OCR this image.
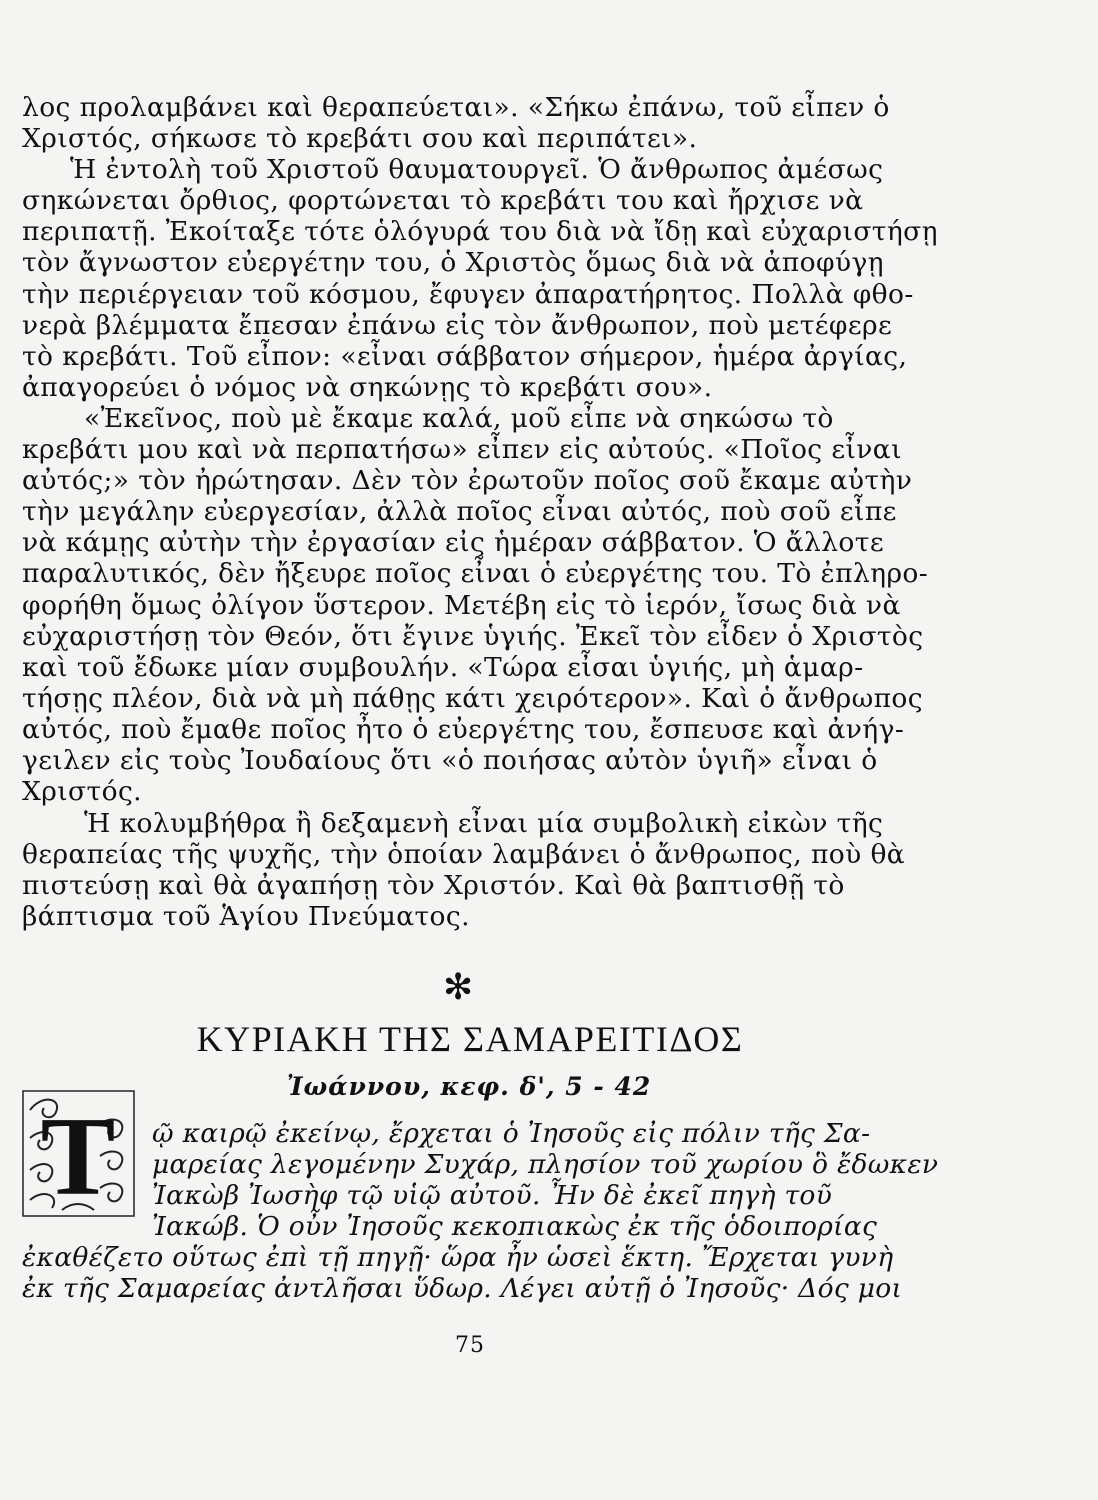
λος προλαμβάνει καὶ θεραπεύεται». «Σήκω ἐπάνω, τοῦ εἶπεν ὁ
Χριστός, σήκωσε τὸ κρεβάτι σου καὶ περιπάτει».
Ἡ ἐντολὴ τοῦ Χριστοῦ θαυματουργεῖ. Ὁ ἄνθρωπος ἀμέσως
σηκώνεται ὄρθιος, φορτώνεται τὸ κρεβάτι του καὶ ἤρχισε νὰ
περιπατῇ. Ἐκοίταξε τότε ὁλόγυρά του διὰ νὰ ἴδῃ καὶ εὐχαριστήσῃ
τὸν ἄγνωστον εὐεργέτην του, ὁ Χριστὸς ὅμως διὰ νὰ ἀποφύγῃ
τὴν περιέργειαν τοῦ κόσμου, ἔφυγεν ἀπαρατήρητος. Πολλὰ φθο-
νερὰ βλέμματα ἔπεσαν ἐπάνω εἰς τὸν ἄνθρωπον, ποὺ μετέφερε
τὸ κρεβάτι. Τοῦ εἶπον: «εἶναι σάββατον σήμερον, ἡμέρα ἀργίας,
ἀπαγορεύει ὁ νόμος νὰ σηκώνῃς τὸ κρεβάτι σου».

«Ἐκεῖνος, ποὺ μὲ ἔκαμε καλά, μοῦ εἶπε νὰ σηκώσω τὸ
κρεβάτι μου καὶ νὰ περπατήσω» εἶπεν εἰς αὐτούς. «Ποῖος εἶναι
αὐτός;» τὸν ἠρώτησαν. Δὲν τὸν ἐρωτοῦν ποῖος σοῦ ἔκαμε αὐτὴν
τὴν μεγάλην εὐεργεσίαν, ἀλλὰ ποῖος εἶναι αὐτός, ποὺ σοῦ εἶπε
νὰ κάμῃς αὐτὴν τὴν ἐργασίαν εἰς ἡμέραν σάββατον. Ὁ ἄλλοτε
παραλυτικός, δὲν ἤξευρε ποῖος εἶναι ὁ εὐεργέτης του. Τὸ ἐπληρο-
φορήθη ὅμως ὀλίγον ὕστερον. Μετέβη εἰς τὸ ἱερόν, ἴσως διὰ νὰ
εὐχαριστήσῃ τὸν Θεόν, ὅτι ἔγινε ὑγιής. Ἐκεῖ τὸν εἶδεν ὁ Χριστὸς
καὶ τοῦ ἔδωκε μίαν συμβουλήν. «Τώρα εἶσαι ὑγιής, μὴ ἁμαρ-
τήσῃς πλέον, διὰ νὰ μὴ πάθῃς κάτι χειρότερον». Καὶ ὁ ἄνθρωπος
αὐτός, ποὺ ἔμαθε ποῖος ἦτο ὁ εὐεργέτης του, ἔσπευσε καὶ ἀνήγ-
γειλεν εἰς τοὺς Ἰουδαίους ὅτι «ὁ ποιήσας αὐτὸν ὑγιῆ» εἶναι ὁ
Χριστός.

Ἡ κολυμβήθρα ἢ δεξαμενὴ εἶναι μία συμβολικὴ εἰκὼν τῆς
θεραπείας τῆς ψυχῆς, τὴν ὁποίαν λαμβάνει ὁ ἄνθρωπος, ποὺ θὰ
πιστεύσῃ καὶ θὰ ἀγαπήσῃ τὸν Χριστόν. Καὶ θὰ βαπτισθῇ τὸ
βάπτισμα τοῦ Ἁγίου Πνεύματος.

✻
ΚΥΡΙΑΚΗ ΤΗΣ ΣΑΜΑΡΕΙΤΙΔΟΣ
Ἰωάννου, κεφ. δ', 5 - 42
T	ῷ καιρῷ ἐκείνῳ, ἔρχεται ὁ Ἰησοῦς εἰς πόλιν τῆς Σα-
μαρείας λεγομένην Συχάρ, πλησίον τοῦ χωρίου ὃ ἔδωκεν
Ἰακὼβ Ἰωσὴφ τῷ υἱῷ αὐτοῦ. Ἦν δὲ ἐκεῖ πηγὴ τοῦ
Ἰακώβ. Ὁ οὖν Ἰησοῦς κεκοπιακὼς ἐκ τῆς ὁδοιπορίας
ἐκαθέζετο οὕτως ἐπὶ τῇ πηγῇ· ὥρα ἦν ὡσεὶ ἕκτη. Ἔρχεται γυνὴ
ἐκ τῆς Σαμαρείας ἀντλῆσαι ὕδωρ. Λέγει αὐτῇ ὁ Ἰησοῦς· Δός μοι
75
